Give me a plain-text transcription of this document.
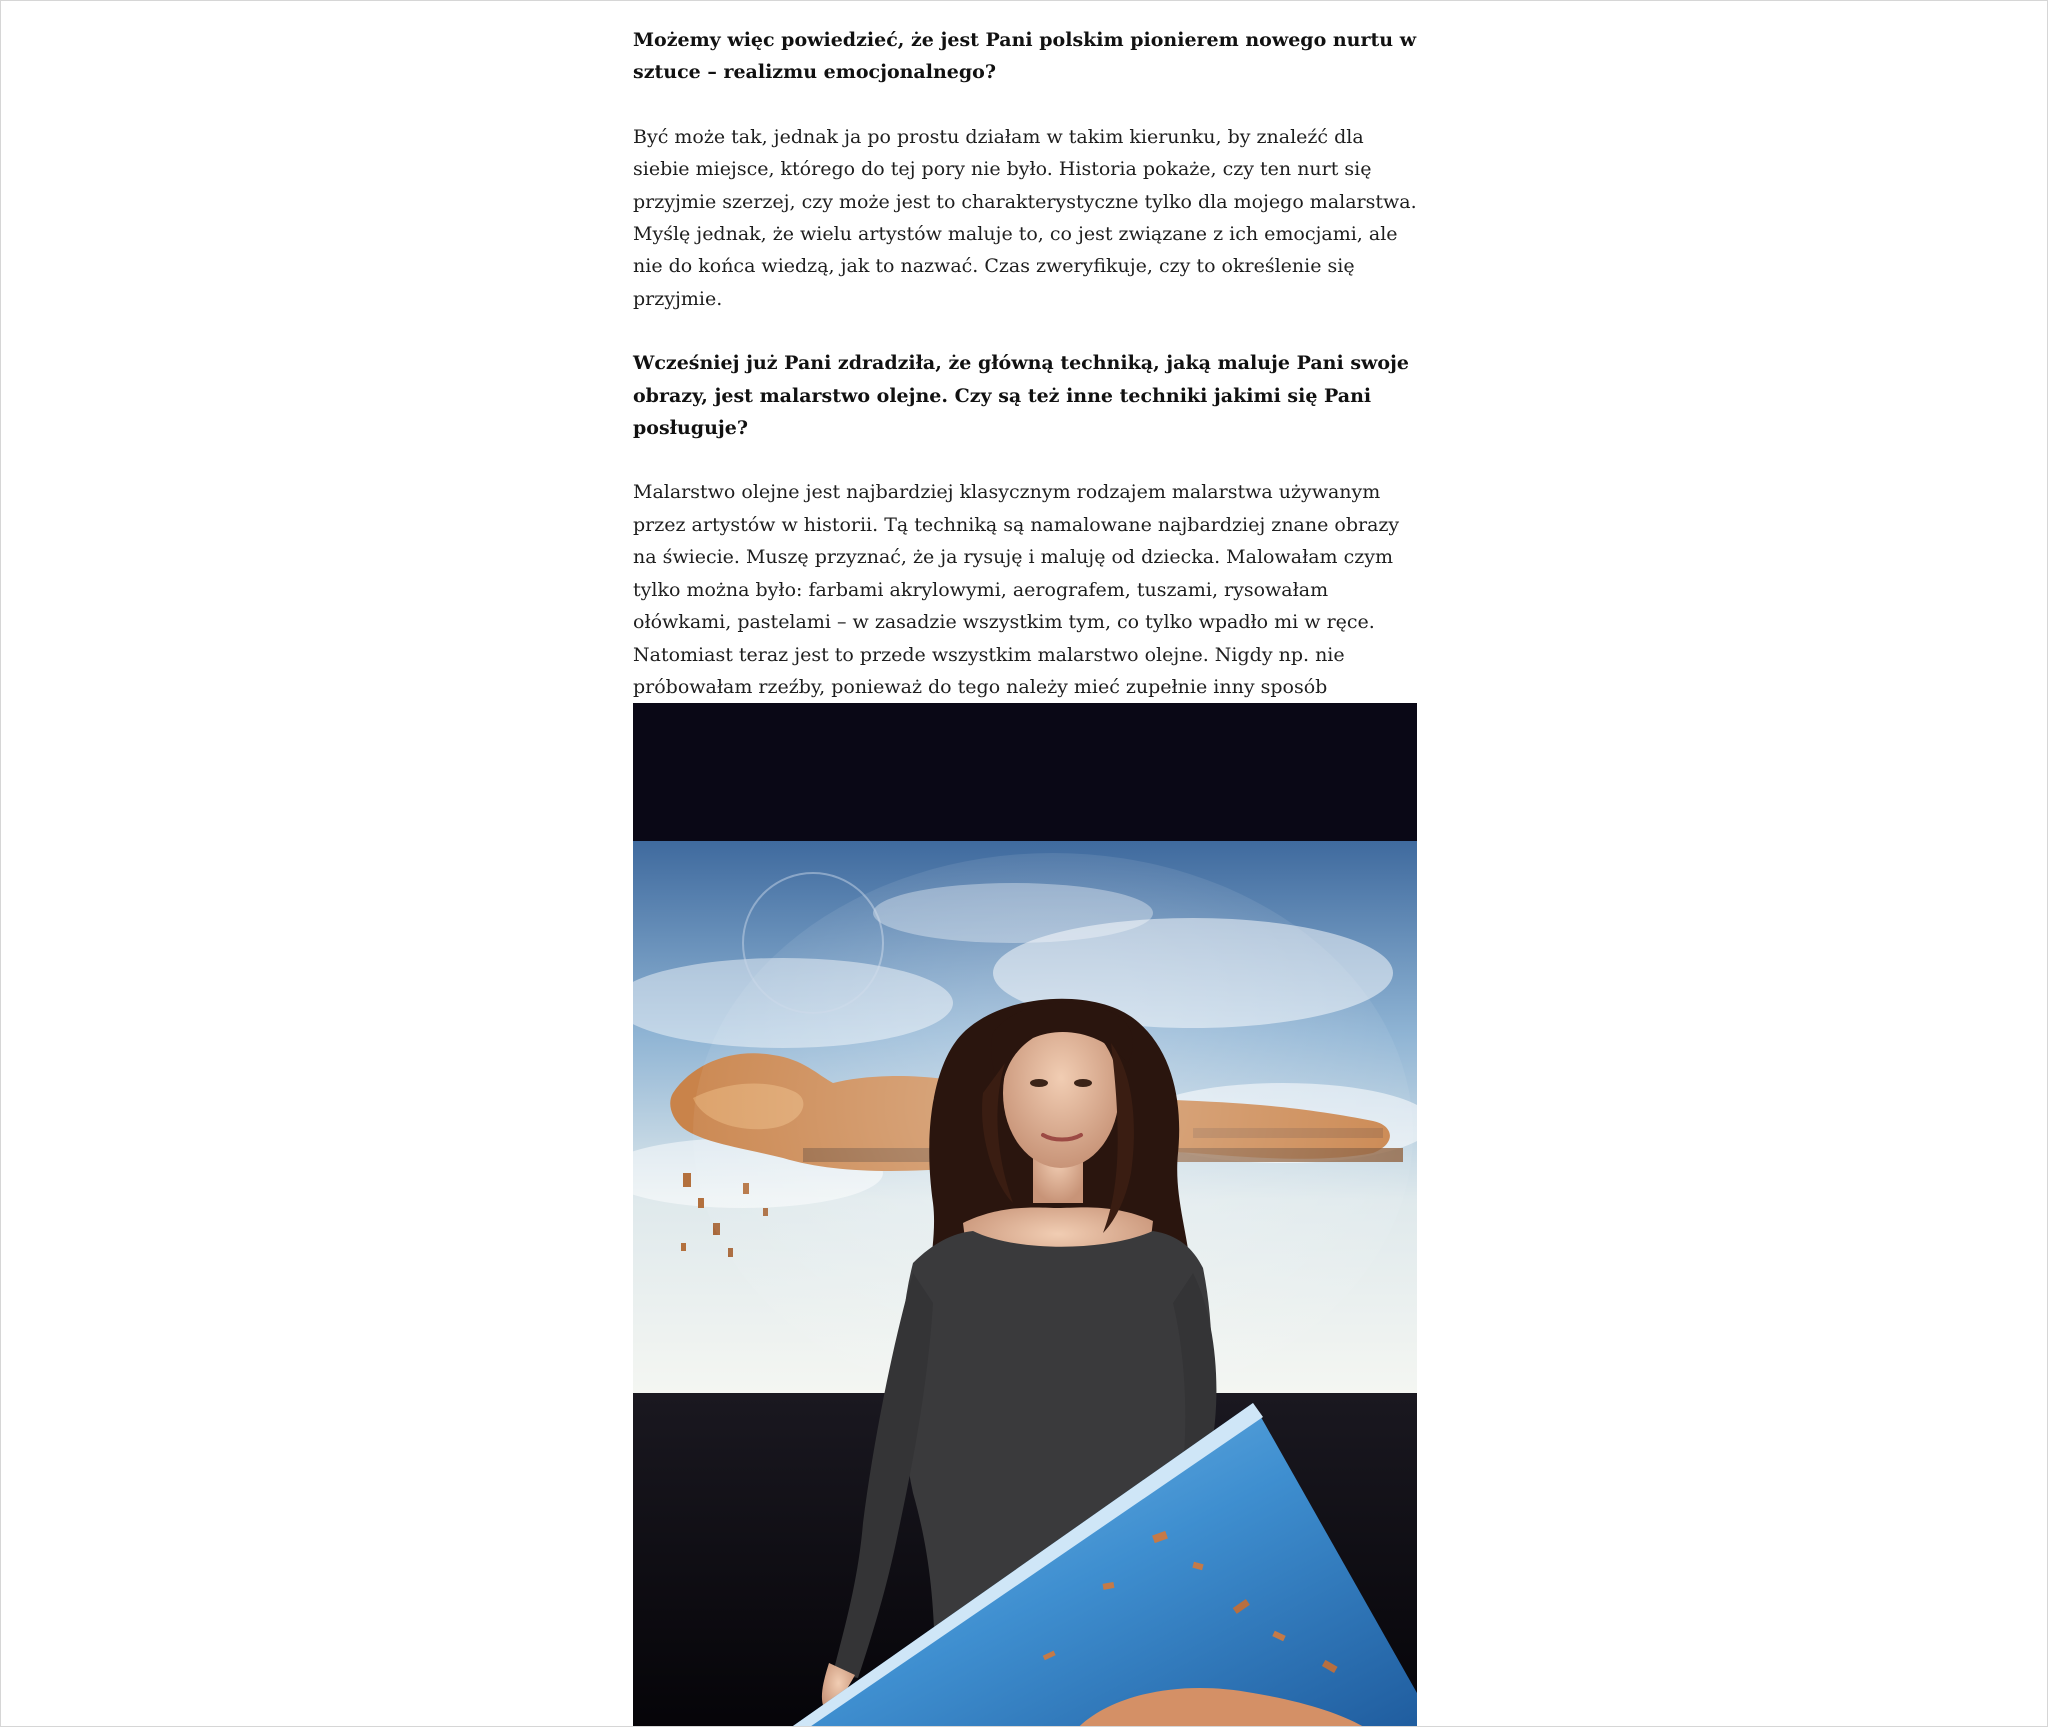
Możemy więc powiedzieć, że jest Pani polskim pionierem nowego nurtu w sztuce – realizmu emocjonalnego?

Być może tak, jednak ja po prostu działam w takim kierunku, by znaleźć dla siebie miejsce, którego do tej pory nie było. Historia pokaże, czy ten nurt się przyjmie szerzej, czy może jest to charakterystyczne tylko dla mojego malarstwa. Myślę jednak, że wielu artystów maluje to, co jest związane z ich emocjami, ale nie do końca wiedzą, jak to nazwać. Czas zweryfikuje, czy to określenie się przyjmie.

Wcześniej już Pani zdradziła, że główną techniką, jaką maluje Pani swoje obrazy, jest malarstwo olejne. Czy są też inne techniki jakimi się Pani posługuje?

Malarstwo olejne jest najbardziej klasycznym rodzajem malarstwa używanym przez artystów w historii. Tą techniką są namalowane najbardziej znane obrazy na świecie. Muszę przyznać, że ja rysuję i maluję od dziecka. Malowałam czym tylko można było: farbami akrylowymi, aerografem, tuszami, rysowałam ołówkami, pastelami – w zasadzie wszystkim tym, co tylko wpadło mi w ręce. Natomiast teraz jest to przede wszystkim malarstwo olejne. Nigdy np. nie próbowałam rzeźby, ponieważ do tego należy mieć zupełnie inny sposób
